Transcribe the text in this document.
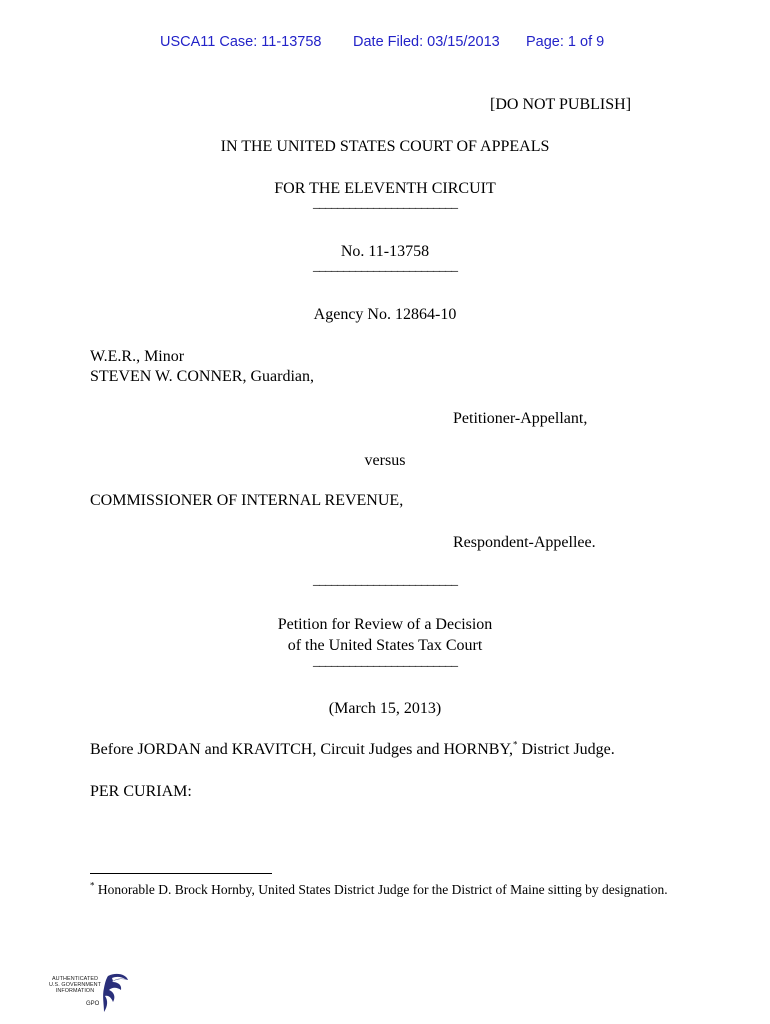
USCA11 Case: 11-13758 Date Filed: 03/15/2013 Page: 1 of 9
[DO NOT PUBLISH]
IN THE UNITED STATES COURT OF APPEALS
FOR THE ELEVENTH CIRCUIT
________________________
No. 11-13758
________________________
Agency No. 12864-10
W.E.R., Minor
STEVEN W. CONNER, Guardian,
Petitioner-Appellant,
versus
COMMISSIONER OF INTERNAL REVENUE,
Respondent-Appellee.
________________________
Petition for Review of a Decision
of the United States Tax Court
________________________
(March 15, 2013)
Before JORDAN and KRAVITCH, Circuit Judges and HORNBY,* District Judge.
PER CURIAM:
* Honorable D. Brock Hornby, United States District Judge for the District of Maine sitting by designation.
AUTHENTICATED
U.S. GOVERNMENT
INFORMATION
GPO
